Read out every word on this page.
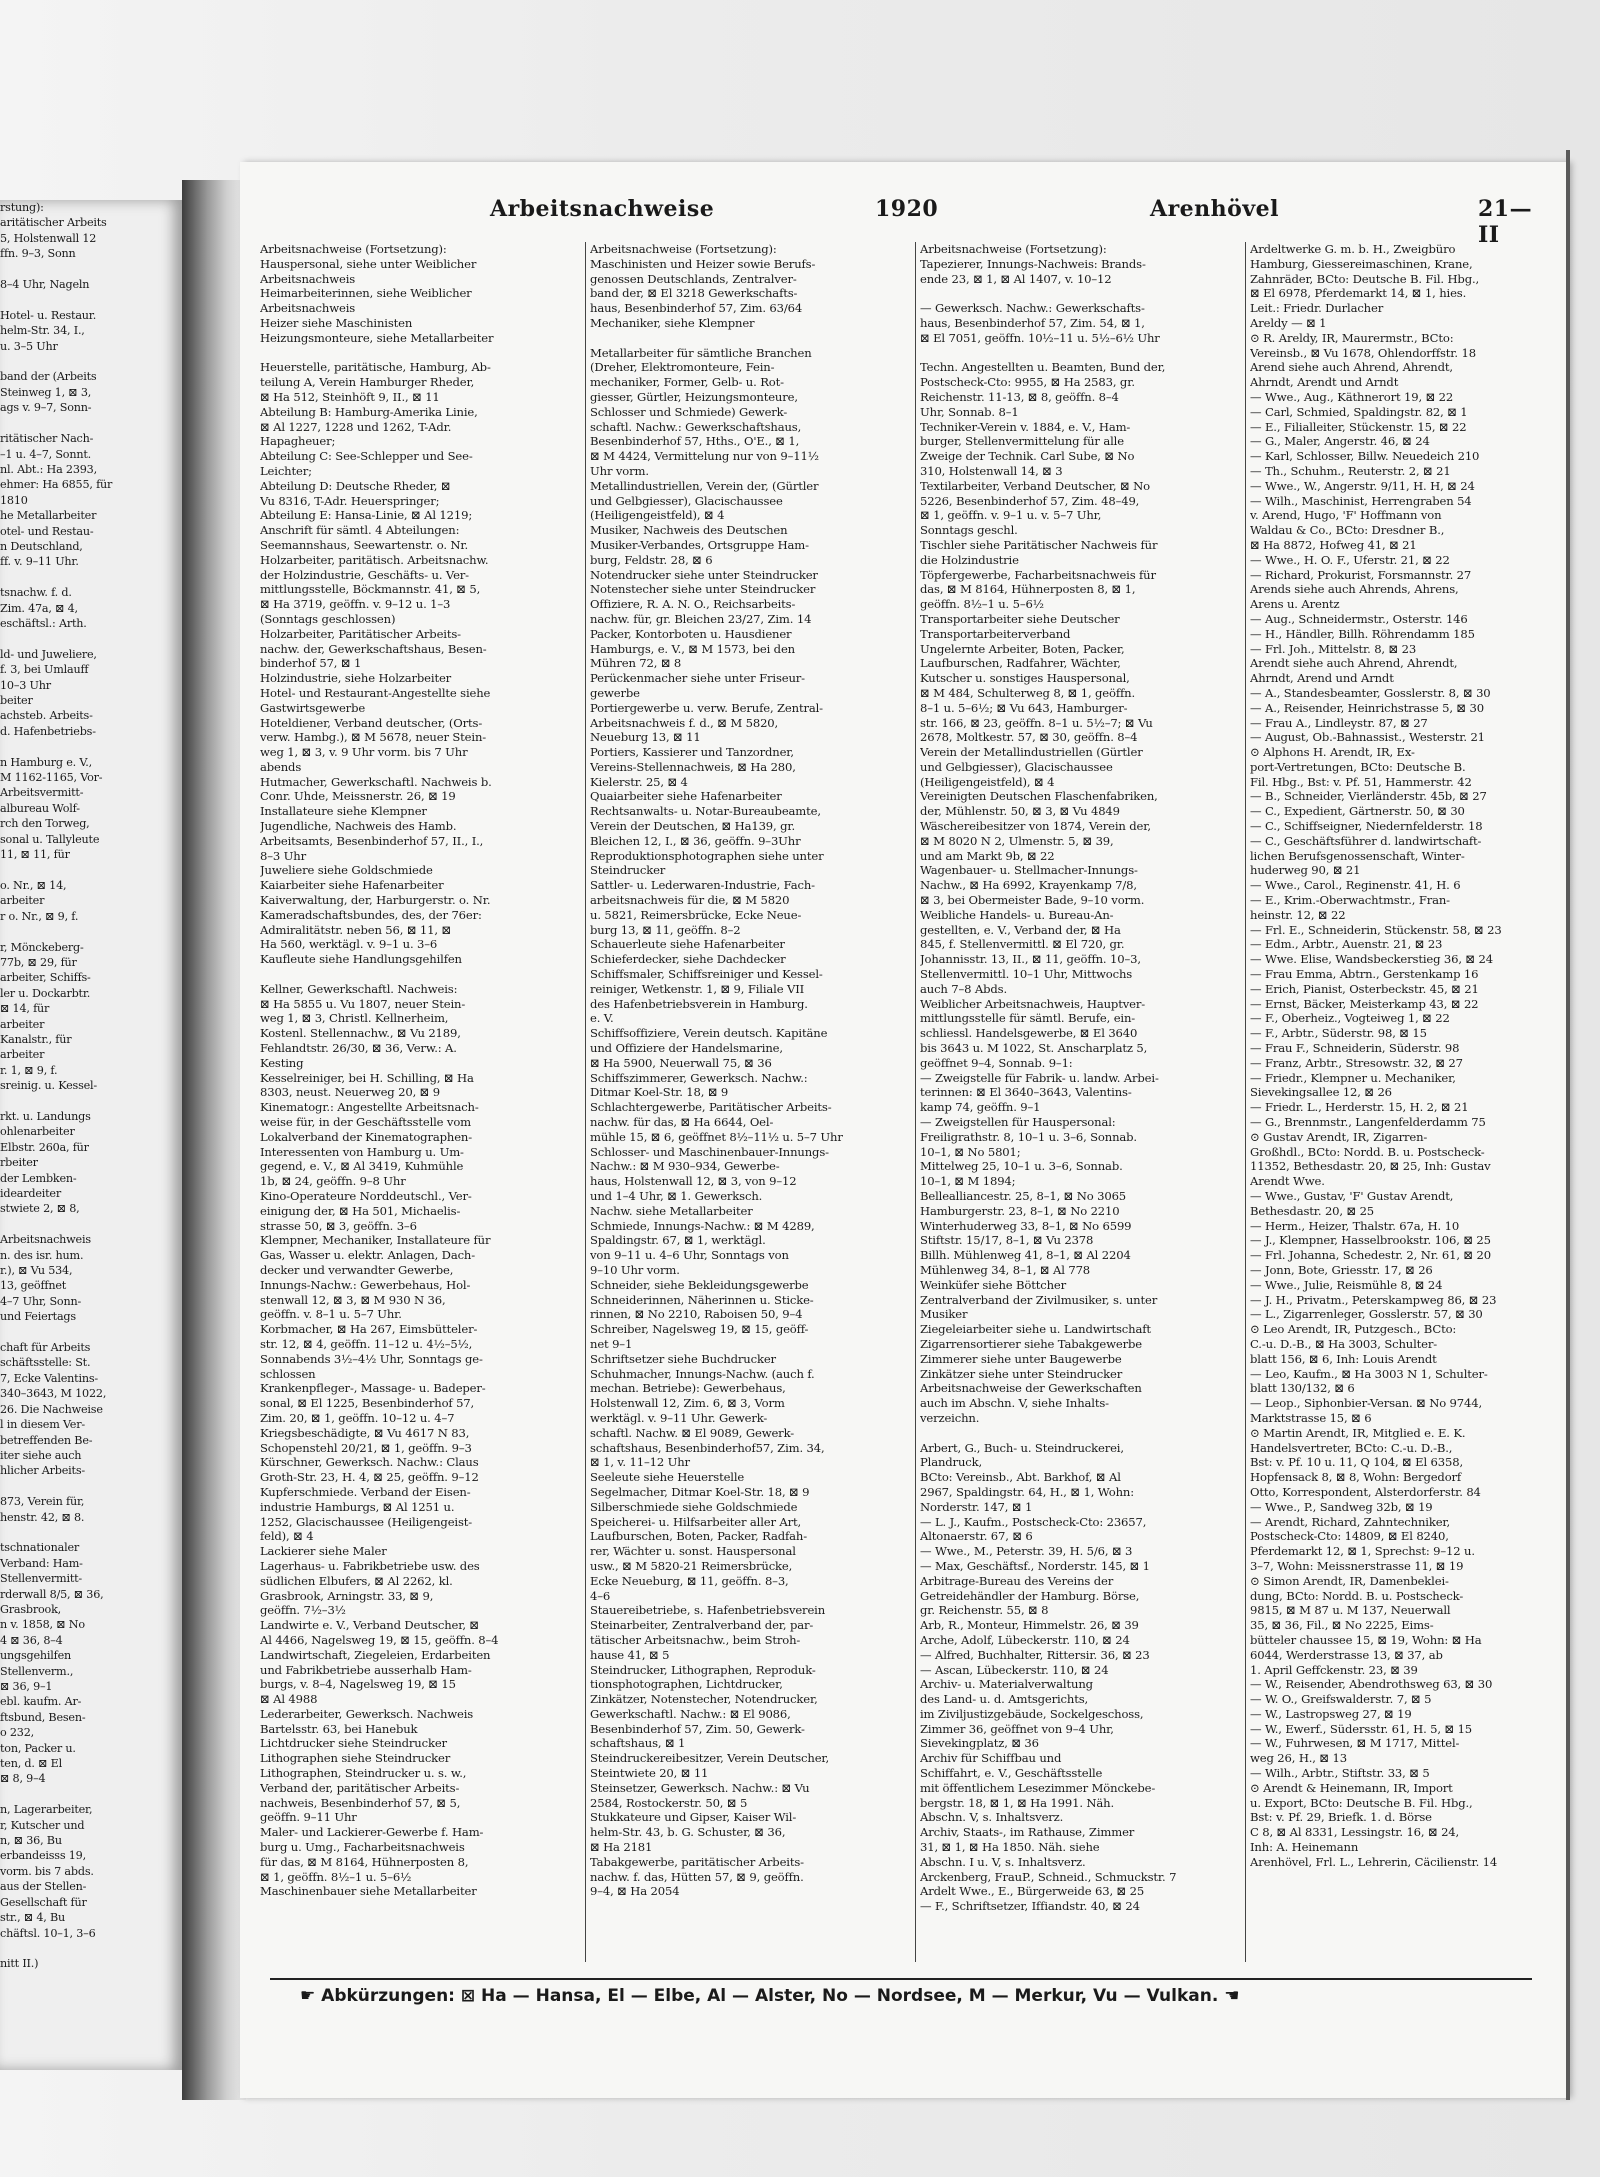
rstung):
aritätischer Arbeits
5, Holstenwall 12
ffn. 9–3, Sonn

8–4 Uhr, Nageln

Hotel- u. Restaur.
helm-Str. 34, I.,
u. 3–5 Uhr

band der (Arbeits
Steinweg 1, ⊠ 3,
ags v. 9–7, Sonn-

ritätischer Nach-
–1 u. 4–7, Sonnt.
nl. Abt.: Ha 2393,
ehmer: Ha 6855, für
1810
he Metallarbeiter
otel- und Restau-
n Deutschland,
ff. v. 9–11 Uhr.

tsnachw. f. d.
Zim. 47a, ⊠ 4,
eschäftsl.: Arth.

ld- und Juweliere,
f. 3, bei Umlauff
10–3 Uhr
beiter
achsteb. Arbeits-
d. Hafenbetriebs-

n Hamburg e. V.,
M 1162-1165, Vor-
Arbeitsvermitt-
albureau Wolf-
rch den Torweg,
sonal u. Tallyleute
11, ⊠ 11, für

o. Nr., ⊠ 14,
arbeiter
r o. Nr., ⊠ 9, f.

r, Mönckeberg-
77b, ⊠ 29, für
arbeiter, Schiffs-
ler u. Dockarbtr.
⊠ 14, für
arbeiter
Kanalstr., für
arbeiter
r. 1, ⊠ 9, f.
sreinig. u. Kessel-

rkt. u. Landungs
ohlenarbeiter
Elbstr. 260a, für
rbeiter
der Lembken-
ideardeiter
stwiete 2, ⊠ 8,

Arbeitsnachweis
n. des isr. hum.
r.), ⊠ Vu 534,
13, geöffnet
4–7 Uhr, Sonn-
und Feiertags

chaft für Arbeits
schäftsstelle: St.
7, Ecke Valentins-
340–3643, M 1022,
26. Die Nachweise
l in diesem Ver-
betreffenden Be-
iter siehe auch
hlicher Arbeits-

873, Verein für,
henstr. 42, ⊠ 8.

tschnationaler
Verband: Ham-
Stellenvermitt-
rderwall 8/5, ⊠ 36,
Grasbrook,
n v. 1858, ⊠ No
4 ⊠ 36, 8–4
ungsgehilfen
Stellenverm.,
⊠ 36, 9–1
ebl. kaufm. Ar-
ftsbund, Besen-
o 232,
ton, Packer u.
ten, d. ⊠ El
⊠ 8, 9–4

n, Lagerarbeiter,
r, Kutscher und
n, ⊠ 36, Bu
erbandeisss 19,
vorm. bis 7 abds.
aus der Stellen-
Gesellschaft für
str., ⊠ 4, Bu
chäftsl. 10–1, 3–6

nitt II.)
Arbeitsnachweise	1920	Arenhövel	21—II
Arbeitsnachweise (Fortsetzung):
Hauspersonal, siehe unter Weiblicher
Arbeitsnachweis
Heimarbeiterinnen, siehe Weiblicher
Arbeitsnachweis
Heizer siehe Maschinisten
Heizungsmonteure, siehe Metallarbeiter

Heuerstelle, paritätische, Hamburg, Ab-
teilung A, Verein Hamburger Rheder,
⊠ Ha 512, Steinhöft 9, II., ⊠ 11
Abteilung B: Hamburg-Amerika Linie,
⊠ Al 1227, 1228 und 1262, T-Adr.
Hapagheuer;
Abteilung C: See-Schlepper und See-
Leichter;
Abteilung D: Deutsche Rheder, ⊠
Vu 8316, T-Adr. Heuerspringer;
Abteilung E: Hansa-Linie, ⊠ Al 1219;
Anschrift für sämtl. 4 Abteilungen:
Seemannshaus, Seewartenstr. o. Nr.
Holzarbeiter, paritätisch. Arbeitsnachw.
der Holzindustrie, Geschäfts- u. Ver-
mittlungsstelle, Böckmannstr. 41, ⊠ 5,
⊠ Ha 3719, geöffn. v. 9–12 u. 1–3
(Sonntags geschlossen)
Holzarbeiter, Paritätischer Arbeits-
nachw. der, Gewerkschaftshaus, Besen-
binderhof 57, ⊠ 1
Holzindustrie, siehe Holzarbeiter
Hotel- und Restaurant-Angestellte siehe
Gastwirtsgewerbe
Hoteldiener, Verband deutscher, (Orts-
verw. Hambg.), ⊠ M 5678, neuer Stein-
weg 1, ⊠ 3, v. 9 Uhr vorm. bis 7 Uhr
abends
Hutmacher, Gewerkschaftl. Nachweis b.
Conr. Uhde, Meissnerstr. 26, ⊠ 19
Installateure siehe Klempner
Jugendliche, Nachweis des Hamb.
Arbeitsamts, Besenbinderhof 57, II., I.,
8–3 Uhr
Juweliere siehe Goldschmiede
Kaiarbeiter siehe Hafenarbeiter
Kaiverwaltung, der, Harburgerstr. o. Nr.
Kameradschaftsbundes, des, der 76er:
Admiralitätstr. neben 56, ⊠ 11, ⊠
Ha 560, werktägl. v. 9–1 u. 3–6
Kaufleute siehe Handlungsgehilfen

Kellner, Gewerkschaftl. Nachweis:
⊠ Ha 5855 u. Vu 1807, neuer Stein-
weg 1, ⊠ 3, Christl. Kellnerheim,
Kostenl. Stellennachw., ⊠ Vu 2189,
Fehlandtstr. 26/30, ⊠ 36, Verw.: A.
Kesting
Kesselreiniger, bei H. Schilling, ⊠ Ha
8303, neust. Neuerweg 20, ⊠ 9
Kinematogr.: Angestellte Arbeitsnach-
weise für, in der Geschäftsstelle vom
Lokalverband der Kinematographen-
Interessenten von Hamburg u. Um-
gegend, e. V., ⊠ Al 3419, Kuhmühle
1b, ⊠ 24, geöffn. 9–8 Uhr
Kino-Operateure Norddeutschl., Ver-
einigung der, ⊠ Ha 501, Michaelis-
strasse 50, ⊠ 3, geöffn. 3–6
Klempner, Mechaniker, Installateure für
Gas, Wasser u. elektr. Anlagen, Dach-
decker und verwandter Gewerbe,
Innungs-Nachw.: Gewerbehaus, Hol-
stenwall 12, ⊠ 3, ⊠ M 930 N 36,
geöffn. v. 8–1 u. 5–7 Uhr.
Korbmacher, ⊠ Ha 267, Eimsbütteler-
str. 12, ⊠ 4, geöffn. 11–12 u. 4½–5½,
Sonnabends 3½–4½ Uhr, Sonntags ge-
schlossen
Krankenpfleger-, Massage- u. Badeper-
sonal, ⊠ El 1225, Besenbinderhof 57,
Zim. 20, ⊠ 1, geöffn. 10–12 u. 4–7
Kriegsbeschädigte, ⊠ Vu 4617 N 83,
Schopenstehl 20/21, ⊠ 1, geöffn. 9–3
Kürschner, Gewerksch. Nachw.: Claus
Groth-Str. 23, H. 4, ⊠ 25, geöffn. 9–12
Kupferschmiede. Verband der Eisen-
industrie Hamburgs, ⊠ Al 1251 u.
1252, Glacischaussee (Heiligengeist-
feld), ⊠ 4
Lackierer siehe Maler
Lagerhaus- u. Fabrikbetriebe usw. des
südlichen Elbufers, ⊠ Al 2262, kl.
Grasbrook, Arningstr. 33, ⊠ 9,
geöffn. 7½–3½
Landwirte e. V., Verband Deutscher, ⊠
Al 4466, Nagelsweg 19, ⊠ 15, geöffn. 8–4
Landwirtschaft, Ziegeleien, Erdarbeiten
und Fabrikbetriebe ausserhalb Ham-
burgs, v. 8–4, Nagelsweg 19, ⊠ 15
⊠ Al 4988
Lederarbeiter, Gewerksch. Nachweis
Bartelsstr. 63, bei Hanebuk
Lichtdrucker siehe Steindrucker
Lithographen siehe Steindrucker
Lithographen, Steindrucker u. s. w.,
Verband der, paritätischer Arbeits-
nachweis, Besenbinderhof 57, ⊠ 5,
geöffn. 9–11 Uhr
Maler- und Lackierer-Gewerbe f. Ham-
burg u. Umg., Facharbeitsnachweis
für das, ⊠ M 8164, Hühnerposten 8,
⊠ 1, geöffn. 8½–1 u. 5–6½
Maschinenbauer siehe Metallarbeiter
Arbeitsnachweise (Fortsetzung):
Maschinisten und Heizer sowie Berufs-
genossen Deutschlands, Zentralver-
band der, ⊠ El 3218 Gewerkschafts-
haus, Besenbinderhof 57, Zim. 63/64
Mechaniker, siehe Klempner

Metallarbeiter für sämtliche Branchen
(Dreher, Elektromonteure, Fein-
mechaniker, Former, Gelb- u. Rot-
giesser, Gürtler, Heizungsmonteure,
Schlosser und Schmiede) Gewerk-
schaftl. Nachw.: Gewerkschaftshaus,
Besenbinderhof 57, Hths., O'E., ⊠ 1,
⊠ M 4424, Vermittelung nur von 9–11½
Uhr vorm.
Metallindustriellen, Verein der, (Gürtler
und Gelbgiesser), Glacischaussee
(Heiligengeistfeld), ⊠ 4
Musiker, Nachweis des Deutschen
Musiker-Verbandes, Ortsgruppe Ham-
burg, Feldstr. 28, ⊠ 6
Notendrucker siehe unter Steindrucker
Notenstecher siehe unter Steindrucker
Offiziere, R. A. N. O., Reichsarbeits-
nachw. für, gr. Bleichen 23/27, Zim. 14
Packer, Kontorboten u. Hausdiener
Hamburgs, e. V., ⊠ M 1573, bei den
Mühren 72, ⊠ 8
Perückenmacher siehe unter Friseur-
gewerbe
Portiergewerbe u. verw. Berufe, Zentral-
Arbeitsnachweis f. d., ⊠ M 5820,
Neueburg 13, ⊠ 11
Portiers, Kassierer und Tanzordner,
Vereins-Stellennachweis, ⊠ Ha 280,
Kielerstr. 25, ⊠ 4
Quaiarbeiter siehe Hafenarbeiter
Rechtsanwalts- u. Notar-Bureaubeamte,
Verein der Deutschen, ⊠ Ha139, gr.
Bleichen 12, I., ⊠ 36, geöffn. 9–3Uhr
Reproduktionsphotographen siehe unter
Steindrucker
Sattler- u. Lederwaren-Industrie, Fach-
arbeitsnachweis für die, ⊠ M 5820
u. 5821, Reimersbrücke, Ecke Neue-
burg 13, ⊠ 11, geöffn. 8–2
Schauerleute siehe Hafenarbeiter
Schieferdecker, siehe Dachdecker
Schiffsmaler, Schiffsreiniger und Kessel-
reiniger, Wetkenstr. 1, ⊠ 9, Filiale VII
des Hafenbetriebsverein in Hamburg.
e. V.
Schiffsoffiziere, Verein deutsch. Kapitäne
und Offiziere der Handelsmarine,
⊠ Ha 5900, Neuerwall 75, ⊠ 36
Schiffszimmerer, Gewerksch. Nachw.:
Ditmar Koel-Str. 18, ⊠ 9
Schlachtergewerbe, Paritätischer Arbeits-
nachw. für das, ⊠ Ha 6644, Oel-
mühle 15, ⊠ 6, geöffnet 8½–11½ u. 5–7 Uhr
Schlosser- und Maschinenbauer-Innungs-
Nachw.: ⊠ M 930–934, Gewerbe-
haus, Holstenwall 12, ⊠ 3, von 9–12
und 1–4 Uhr, ⊠ 1. Gewerksch.
Nachw. siehe Metallarbeiter
Schmiede, Innungs-Nachw.: ⊠ M 4289,
Spaldingstr. 67, ⊠ 1, werktägl.
von 9–11 u. 4–6 Uhr, Sonntags von
9–10 Uhr vorm.
Schneider, siehe Bekleidungsgewerbe
Schneiderinnen, Näherinnen u. Sticke-
rinnen, ⊠ No 2210, Raboisen 50, 9–4
Schreiber, Nagelsweg 19, ⊠ 15, geöff-
net 9–1
Schriftsetzer siehe Buchdrucker
Schuhmacher, Innungs-Nachw. (auch f.
mechan. Betriebe): Gewerbehaus,
Holstenwall 12, Zim. 6, ⊠ 3, Vorm
werktägl. v. 9–11 Uhr. Gewerk-
schaftl. Nachw. ⊠ El 9089, Gewerk-
schaftshaus, Besenbinderhof57, Zim. 34,
⊠ 1, v. 11–12 Uhr
Seeleute siehe Heuerstelle
Segelmacher, Ditmar Koel-Str. 18, ⊠ 9
Silberschmiede siehe Goldschmiede
Speicherei- u. Hilfsarbeiter aller Art,
Laufburschen, Boten, Packer, Radfah-
rer, Wächter u. sonst. Hauspersonal
usw., ⊠ M 5820-21 Reimersbrücke,
Ecke Neueburg, ⊠ 11, geöffn. 8–3,
4–6
Stauereibetriebe, s. Hafenbetriebsverein
Steinarbeiter, Zentralverband der, par-
tätischer Arbeitsnachw., beim Stroh-
hause 41, ⊠ 5
Steindrucker, Lithographen, Reproduk-
tionsphotographen, Lichtdrucker,
Zinkätzer, Notenstecher, Notendrucker,
Gewerkschaftl. Nachw.: ⊠ El 9086,
Besenbinderhof 57, Zim. 50, Gewerk-
schaftshaus, ⊠ 1
Steindruckereibesitzer, Verein Deutscher,
Steintwiete 20, ⊠ 11
Steinsetzer, Gewerksch. Nachw.: ⊠ Vu
2584, Rostockerstr. 50, ⊠ 5
Stukkateure und Gipser, Kaiser Wil-
helm-Str. 43, b. G. Schuster, ⊠ 36,
⊠ Ha 2181
Tabakgewerbe, paritätischer Arbeits-
nachw. f. das, Hütten 57, ⊠ 9, geöffn.
9–4, ⊠ Ha 2054
Arbeitsnachweise (Fortsetzung):
Tapezierer, Innungs-Nachweis: Brands-
ende 23, ⊠ 1, ⊠ Al 1407, v. 10–12

— Gewerksch. Nachw.: Gewerkschafts-
haus, Besenbinderhof 57, Zim. 54, ⊠ 1,
⊠ El 7051, geöffn. 10½–11 u. 5½–6½ Uhr

Techn. Angestellten u. Beamten, Bund der,
Postscheck-Cto: 9955, ⊠ Ha 2583, gr.
Reichenstr. 11-13, ⊠ 8, geöffn. 8–4
Uhr, Sonnab. 8–1
Techniker-Verein v. 1884, e. V., Ham-
burger, Stellenvermittelung für alle
Zweige der Technik. Carl Sube, ⊠ No
310, Holstenwall 14, ⊠ 3
Textilarbeiter, Verband Deutscher, ⊠ No
5226, Besenbinderhof 57, Zim. 48–49,
⊠ 1, geöffn. v. 9–1 u. v. 5–7 Uhr,
Sonntags geschl.
Tischler siehe Paritätischer Nachweis für
die Holzindustrie
Töpfergewerbe, Facharbeitsnachweis für
das, ⊠ M 8164, Hühnerposten 8, ⊠ 1,
geöffn. 8½–1 u. 5–6½
Transportarbeiter siehe Deutscher
Transportarbeiterverband
Ungelernte Arbeiter, Boten, Packer,
Laufburschen, Radfahrer, Wächter,
Kutscher u. sonstiges Hauspersonal,
⊠ M 484, Schulterweg 8, ⊠ 1, geöffn.
8–1 u. 5–6½; ⊠ Vu 643, Hamburger-
str. 166, ⊠ 23, geöffn. 8–1 u. 5½–7; ⊠ Vu
2678, Moltkestr. 57, ⊠ 30, geöffn. 8–4
Verein der Metallindustriellen (Gürtler
und Gelbgiesser), Glacischaussee
(Heiligengeistfeld), ⊠ 4
Vereinigten Deutschen Flaschenfabriken,
der, Mühlenstr. 50, ⊠ 3, ⊠ Vu 4849
Wäschereibesitzer von 1874, Verein der,
⊠ M 8020 N 2, Ulmenstr. 5, ⊠ 39,
und am Markt 9b, ⊠ 22
Wagenbauer- u. Stellmacher-Innungs-
Nachw., ⊠ Ha 6992, Krayenkamp 7/8,
⊠ 3, bei Obermeister Bade, 9–10 vorm.
Weibliche Handels- u. Bureau-An-
gestellten, e. V., Verband der, ⊠ Ha
845, f. Stellenvermittl. ⊠ El 720, gr.
Johannisstr. 13, II., ⊠ 11, geöffn. 10–3,
Stellenvermittl. 10–1 Uhr, Mittwochs
auch 7–8 Abds.
Weiblicher Arbeitsnachweis, Hauptver-
mittlungsstelle für sämtl. Berufe, ein-
schliessl. Handelsgewerbe, ⊠ El 3640
bis 3643 u. M 1022, St. Anscharplatz 5,
geöffnet 9–4, Sonnab. 9–1:
— Zweigstelle für Fabrik- u. landw. Arbei-
terinnen: ⊠ El 3640–3643, Valentins-
kamp 74, geöffn. 9–1
— Zweigstellen für Hauspersonal:
Freiligrathstr. 8, 10–1 u. 3–6, Sonnab.
10–1, ⊠ No 5801;
Mittelweg 25, 10–1 u. 3–6, Sonnab.
10–1, ⊠ M 1894;
Bellealliancestr. 25, 8–1, ⊠ No 3065
Hamburgerstr. 23, 8–1, ⊠ No 2210
Winterhuderweg 33, 8–1, ⊠ No 6599
Stiftstr. 15/17, 8–1, ⊠ Vu 2378
Billh. Mühlenweg 41, 8–1, ⊠ Al 2204
Mühlenweg 34, 8–1, ⊠ Al 778
Weinküfer siehe Böttcher
Zentralverband der Zivilmusiker, s. unter
Musiker
Ziegeleiarbeiter siehe u. Landwirtschaft
Zigarrensortierer siehe Tabakgewerbe
Zimmerer siehe unter Baugewerbe
Zinkätzer siehe unter Steindrucker
Arbeitsnachweise der Gewerkschaften
auch im Abschn. V, siehe Inhalts-
verzeichn.

Arbert, G., Buch- u. Steindruckerei,
Plandruck,
BCto: Vereinsb., Abt. Barkhof, ⊠ Al
2967, Spaldingstr. 64, H., ⊠ 1, Wohn:
Norderstr. 147, ⊠ 1
— L. J., Kaufm., Postscheck-Cto: 23657,
Altonaerstr. 67, ⊠ 6
— Wwe., M., Peterstr. 39, H. 5/6, ⊠ 3
— Max, Geschäftsf., Norderstr. 145, ⊠ 1
Arbitrage-Bureau des Vereins der
Getreidehändler der Hamburg. Börse,
gr. Reichenstr. 55, ⊠ 8
Arb, R., Monteur, Himmelstr. 26, ⊠ 39
Arche, Adolf, Lübeckerstr. 110, ⊠ 24
— Alfred, Buchhalter, Rittersir. 36, ⊠ 23
— Ascan, Lübeckerstr. 110, ⊠ 24
Archiv- u. Materialverwaltung
des Land- u. d. Amtsgerichts,
im Ziviljustizgebäude, Sockelgeschoss,
Zimmer 36, geöffnet von 9–4 Uhr,
Sievekingplatz, ⊠ 36
Archiv für Schiffbau und
Schiffahrt, e. V., Geschäftsstelle
mit öffentlichem Lesezimmer Mönckebe-
bergstr. 18, ⊠ 1, ⊠ Ha 1991. Näh.
Abschn. V, s. Inhaltsverz.
Archiv, Staats-, im Rathause, Zimmer
31, ⊠ 1, ⊠ Ha 1850. Näh. siehe
Abschn. I u. V, s. Inhaltsverz.
Arckenberg, FrauP., Schneid., Schmuckstr. 7
Ardelt Wwe., E., Bürgerweide 63, ⊠ 25
— F., Schriftsetzer, Iffiandstr. 40, ⊠ 24
Ardeltwerke G. m. b. H., Zweigbüro
Hamburg, Giessereimaschinen, Krane,
Zahnräder, BCto: Deutsche B. Fil. Hbg.,
⊠ El 6978, Pferdemarkt 14, ⊠ 1, hies.
Leit.: Friedr. Durlacher
Areldy — ⊠ 1
⊙ R. Areldy, IR, Maurermstr., BCto:
Vereinsb., ⊠ Vu 1678, Ohlendorffstr. 18
Arend siehe auch Ahrend, Ahrendt,
Ahrndt, Arendt und Arndt
— Wwe., Aug., Käthnerort 19, ⊠ 22
— Carl, Schmied, Spaldingstr. 82, ⊠ 1
— E., Filialleiter, Stückenstr. 15, ⊠ 22
— G., Maler, Angerstr. 46, ⊠ 24
— Karl, Schlosser, Billw. Neuedeich 210
— Th., Schuhm., Reuterstr. 2, ⊠ 21
— Wwe., W., Angerstr. 9/11, H. H, ⊠ 24
— Wilh., Maschinist, Herrengraben 54
v. Arend, Hugo, 'F' Hoffmann von
Waldau & Co., BCto: Dresdner B.,
⊠ Ha 8872, Hofweg 41, ⊠ 21
— Wwe., H. O. F., Uferstr. 21, ⊠ 22
— Richard, Prokurist, Forsmannstr. 27
Arends siehe auch Ahrends, Ahrens,
Arens u. Arentz
— Aug., Schneidermstr., Osterstr. 146
— H., Händler, Billh. Röhrendamm 185
— Frl. Joh., Mittelstr. 8, ⊠ 23
Arendt siehe auch Ahrend, Ahrendt,
Ahrndt, Arend und Arndt
— A., Standesbeamter, Gosslerstr. 8, ⊠ 30
— A., Reisender, Heinrichstrasse 5, ⊠ 30
— Frau A., Lindleystr. 87, ⊠ 27
— August, Ob.-Bahnassist., Westerstr. 21
⊙ Alphons H. Arendt, IR, Ex-
port-Vertretungen, BCto: Deutsche B.
Fil. Hbg., Bst: v. Pf. 51, Hammerstr. 42
— B., Schneider, Vierländerstr. 45b, ⊠ 27
— C., Expedient, Gärtnerstr. 50, ⊠ 30
— C., Schiffseigner, Niedernfelderstr. 18
— C., Geschäftsführer d. landwirtschaft-
lichen Berufsgenossenschaft, Winter-
huderweg 90, ⊠ 21
— Wwe., Carol., Reginenstr. 41, H. 6
— E., Krim.-Oberwachtmstr., Fran-
heinstr. 12, ⊠ 22
— Frl. E., Schneiderin, Stückenstr. 58, ⊠ 23
— Edm., Arbtr., Auenstr. 21, ⊠ 23
— Wwe. Elise, Wandsbeckerstieg 36, ⊠ 24
— Frau Emma, Abtrn., Gerstenkamp 16
— Erich, Pianist, Osterbeckstr. 45, ⊠ 21
— Ernst, Bäcker, Meisterkamp 43, ⊠ 22
— F., Oberheiz., Vogteiweg 1, ⊠ 22
— F., Arbtr., Süderstr. 98, ⊠ 15
— Frau F., Schneiderin, Süderstr. 98
— Franz, Arbtr., Stresowstr. 32, ⊠ 27
— Friedr., Klempner u. Mechaniker,
Sievekingsallee 12, ⊠ 26
— Friedr. L., Herderstr. 15, H. 2, ⊠ 21
— G., Brennmstr., Langenfelderdamm 75
⊙ Gustav Arendt, IR, Zigarren-
Großhdl., BCto: Nordd. B. u. Postscheck-
11352, Bethesdastr. 20, ⊠ 25, Inh: Gustav
Arendt Wwe.
— Wwe., Gustav, 'F' Gustav Arendt,
Bethesdastr. 20, ⊠ 25
— Herm., Heizer, Thalstr. 67a, H. 10
— J., Klempner, Hasselbrookstr. 106, ⊠ 25
— Frl. Johanna, Schedestr. 2, Nr. 61, ⊠ 20
— Jonn, Bote, Griesstr. 17, ⊠ 26
— Wwe., Julie, Reismühle 8, ⊠ 24
— J. H., Privatm., Peterskampweg 86, ⊠ 23
— L., Zigarrenleger, Gosslerstr. 57, ⊠ 30
⊙ Leo Arendt, IR, Putzgesch., BCto:
C.-u. D.-B., ⊠ Ha 3003, Schulter-
blatt 156, ⊠ 6, Inh: Louis Arendt
— Leo, Kaufm., ⊠ Ha 3003 N 1, Schulter-
blatt 130/132, ⊠ 6
— Leop., Siphonbier-Versan. ⊠ No 9744,
Marktstrasse 15, ⊠ 6
⊙ Martin Arendt, IR, Mitglied e. E. K.
Handelsvertreter, BCto: C.-u. D.-B.,
Bst: v. Pf. 10 u. 11, Q 104, ⊠ El 6358,
Hopfensack 8, ⊠ 8, Wohn: Bergedorf
Otto, Korrespondent, Alsterdorferstr. 84
— Wwe., P., Sandweg 32b, ⊠ 19
— Arendt, Richard, Zahntechniker,
Postscheck-Cto: 14809, ⊠ El 8240,
Pferdemarkt 12, ⊠ 1, Sprechst: 9–12 u.
3–7, Wohn: Meissnerstrasse 11, ⊠ 19
⊙ Simon Arendt, IR, Damenbeklei-
dung, BCto: Nordd. B. u. Postscheck-
9815, ⊠ M 87 u. M 137, Neuerwall
35, ⊠ 36, Fil., ⊠ No 2225, Eims-
bütteler chaussee 15, ⊠ 19, Wohn: ⊠ Ha
6044, Werderstrasse 13, ⊠ 37, ab
1. April Geffckenstr. 23, ⊠ 39
— W., Reisender, Abendrothsweg 63, ⊠ 30
— W. O., Greifswalderstr. 7, ⊠ 5
— W., Lastropsweg 27, ⊠ 19
— W., Ewerf., Südersstr. 61, H. 5, ⊠ 15
— W., Fuhrwesen, ⊠ M 1717, Mittel-
weg 26, H., ⊠ 13
— Wilh., Arbtr., Stiftstr. 33, ⊠ 5
⊙ Arendt & Heinemann, IR, Import
u. Export, BCto: Deutsche B. Fil. Hbg.,
Bst: v. Pf. 29, Briefk. 1. d. Börse
C 8, ⊠ Al 8331, Lessingstr. 16, ⊠ 24,
Inh: A. Heinemann
Arenhövel, Frl. L., Lehrerin, Cäcilienstr. 14
☛ Abkürzungen: ⊠ Ha — Hansa, El — Elbe, Al — Alster, No — Nordsee, M — Merkur, Vu — Vulkan. ☚
